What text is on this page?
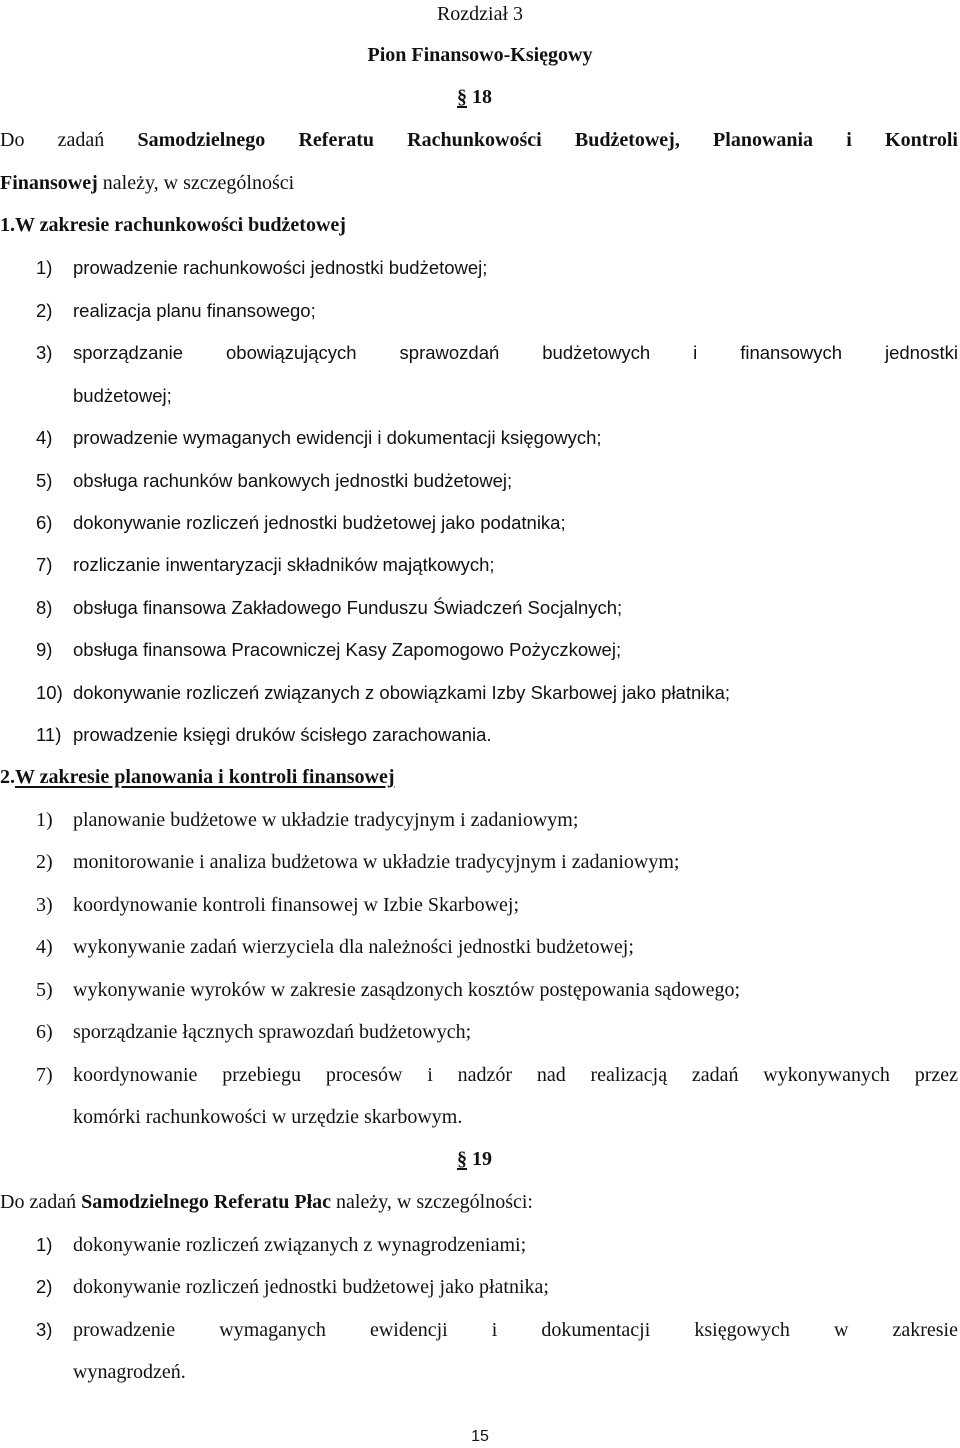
Rozdział 3
Pion Finansowo-Księgowy
§ 18
Do zadań Samodzielnego Referatu Rachunkowości Budżetowej, Planowania i Kontroli
Finansowej należy, w szczególności
1.W zakresie rachunkowości budżetowej
1) prowadzenie rachunkowości jednostki budżetowej;
2) realizacja planu finansowego;
3) sporządzanie obowiązujących sprawozdań budżetowych i finansowych jednostki
budżetowej;
4) prowadzenie wymaganych ewidencji i dokumentacji księgowych;
5) obsługa rachunków bankowych jednostki budżetowej;
6) dokonywanie rozliczeń jednostki budżetowej jako podatnika;
7) rozliczanie inwentaryzacji składników majątkowych;
8) obsługa finansowa Zakładowego Funduszu Świadczeń Socjalnych;
9) obsługa finansowa Pracowniczej Kasy Zapomogowo Pożyczkowej;
10) dokonywanie rozliczeń związanych z obowiązkami Izby Skarbowej jako płatnika;
11) prowadzenie księgi druków ścisłego zarachowania.
2.W zakresie planowania i kontroli finansowej
1) planowanie budżetowe w układzie tradycyjnym i zadaniowym;
2) monitorowanie i analiza budżetowa w układzie tradycyjnym i zadaniowym;
3) koordynowanie kontroli finansowej w Izbie Skarbowej;
4) wykonywanie zadań wierzyciela dla należności jednostki budżetowej;
5) wykonywanie wyroków w zakresie zasądzonych kosztów postępowania sądowego;
6) sporządzanie łącznych sprawozdań budżetowych;
7) koordynowanie przebiegu procesów i nadzór nad realizacją zadań wykonywanych przez
komórki rachunkowości w urzędzie skarbowym.
§ 19
Do zadań Samodzielnego Referatu Płac należy, w szczególności:
1) dokonywanie rozliczeń związanych z wynagrodzeniami;
2) dokonywanie rozliczeń jednostki budżetowej jako płatnika;
3) prowadzenie wymaganych ewidencji i dokumentacji księgowych w zakresie
wynagrodzeń.
15
